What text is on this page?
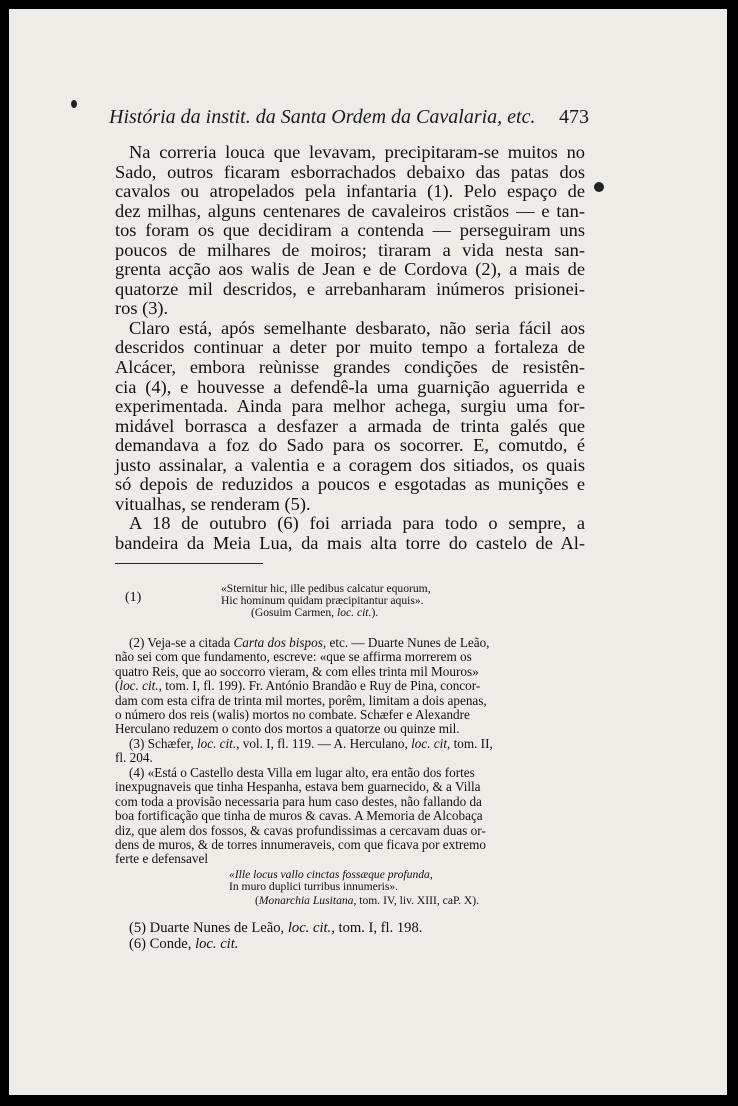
História da instit. da Santa Ordem da Cavalaria, etc. 473
Na correria louca que levavam, precipitaram-se muitos no
Sado, outros ficaram esborrachados debaixo das patas dos
cavalos ou atropelados pela infantaria (1). Pelo espaço de
dez milhas, alguns centenares de cavaleiros cristãos — e tan-
tos foram os que decidiram a contenda — perseguiram uns
poucos de milhares de moiros; tiraram a vida nesta san-
grenta acção aos walis de Jean e de Cordova (2), a mais de
quatorze mil descridos, e arrebanharam inúmeros prisionei-
ros (3).
Claro está, após semelhante desbarato, não seria fácil aos
descridos continuar a deter por muito tempo a fortaleza de
Alcácer, embora reùnisse grandes condições de resistên-
cia (4), e houvesse a defendê-la uma guarnição aguerrida e
experimentada. Ainda para melhor achega, surgiu uma for-
midável borrasca a desfazer a armada de trinta galés que
demandava a foz do Sado para os socorrer. E, comutdo, é
justo assinalar, a valentia e a coragem dos sitiados, os quais
só depois de reduzidos a poucos e esgotadas as munições e
vitualhas, se renderam (5).
A 18 de outubro (6) foi arriada para todo o sempre, a
bandeira da Meia Lua, da mais alta torre do castelo de Al-
(1)
«Sternitur hic, ille pedibus calcatur equorum,
Hic hominum quidam præcipitantur aquis».
(Gosuim Carmen, loc. cit.).
(2) Veja-se a citada Carta dos bispos, etc. — Duarte Nunes de Leão,
não sei com que fundamento, escreve: «que se affirma morrerem os
quatro Reis, que ao soccorro vieram, & com elles trinta mil Mouros»
(loc. cit., tom. I, fl. 199). Fr. António Brandão e Ruy de Pina, concor-
dam com esta cifra de trinta mil mortes, porêm, limitam a dois apenas,
o número dos reis (walis) mortos no combate. Schæfer e Alexandre
Herculano reduzem o conto dos mortos a quatorze ou quinze mil.
(3) Schæfer, loc. cit., vol. I, fl. 119. — A. Herculano, loc. cit, tom. II,
fl. 204.
(4) «Está o Castello desta Villa em lugar alto, era então dos fortes
inexpugnaveis que tinha Hespanha, estava bem guarnecido, & a Villa
com toda a provisão necessaria para hum caso destes, não fallando da
boa fortificação que tinha de muros & cavas. A Memoria de Alcobaça
diz, que alem dos fossos, & cavas profundissimas a cercavam duas or-
dens de muros, & de torres innumeraveis, com que ficava por extremo
ferte e defensavel
«Ille locus vallo cinctas fossæque profunda,
In muro duplici turribus innumeris».
(Monarchia Lusitana, tom. IV, liv. XIII, caP. X).
(5) Duarte Nunes de Leão, loc. cit., tom. I, fl. 198.
(6) Conde, loc. cit.
